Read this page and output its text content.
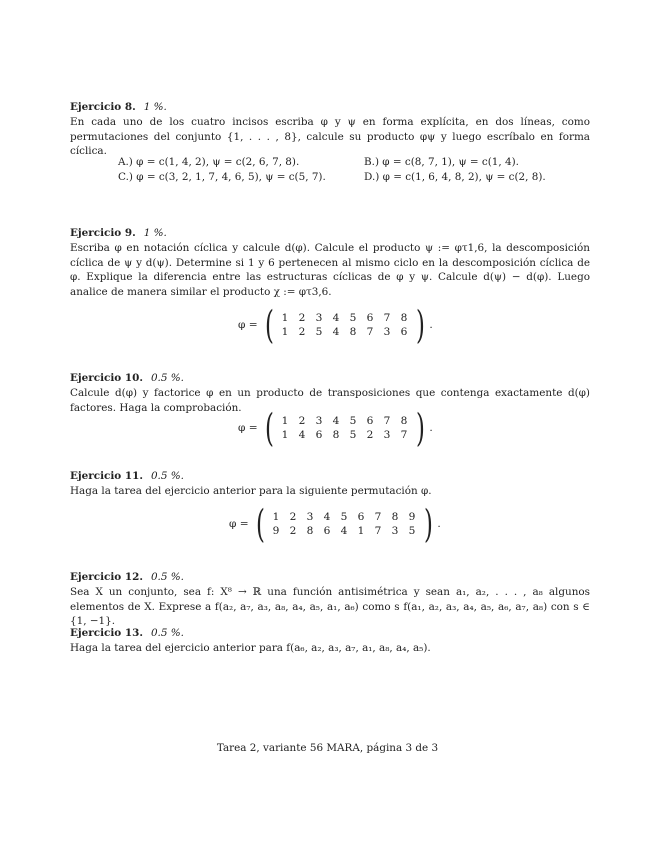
Ejercicio 8. 1 %.

En cada uno de los cuatro incisos escriba φ y ψ en forma explícita, en dos líneas, como permutaciones del conjunto {1, . . . , 8}, calcule su producto φψ y luego escríbalo en forma cíclica.

A.) φ = c(1, 4, 2), ψ = c(2, 6, 7, 8).	B.) φ = c(8, 7, 1), ψ = c(1, 4).
C.) φ = c(3, 2, 1, 7, 4, 6, 5), ψ = c(5, 7).	D.) φ = c(1, 6, 4, 8, 2), ψ = c(2, 8).
Ejercicio 9. 1 %.

Escriba φ en notación cíclica y calcule d(φ). Calcule el producto ψ := φτ1,6, la descomposición cíclica de ψ y d(ψ). Determine si 1 y 6 pertenecen al mismo ciclo en la descomposición cíclica de φ. Explique la diferencia entre las estructuras cíclicas de φ y ψ. Calcule d(ψ) − d(φ). Luego analice de manera similar el producto χ := φτ3,6.

φ = ( 1 2 3 4 5 6 7 8
1 2 5 4 8 7 3 6 ) .
Ejercicio 10. 0.5 %.

Calcule d(φ) y factorice φ en un producto de transposiciones que contenga exactamente d(φ) factores. Haga la comprobación.

φ = ( 1 2 3 4 5 6 7 8
1 4 6 8 5 2 3 7 ) .
Ejercicio 11. 0.5 %.

Haga la tarea del ejercicio anterior para la siguiente permutación φ.

φ = ( 1 2 3 4 5 6 7 8 9
9 2 8 6 4 1 7 3 5 ) .
Ejercicio 12. 0.5 %.

Sea X un conjunto, sea f: X⁸ → ℝ una función antisimétrica y sean a₁, a₂, . . . , a₈ algunos elementos de X. Exprese a f(a₂, a₇, a₃, a₈, a₄, a₅, a₁, a₆) como s f(a₁, a₂, a₃, a₄, a₅, a₆, a₇, a₈) con s ∈ {1, −1}.

Ejercicio 13. 0.5 %.

Haga la tarea del ejercicio anterior para f(a₆, a₂, a₃, a₇, a₁, a₈, a₄, a₅).

Tarea 2, variante 56 MARA, página 3 de 3
